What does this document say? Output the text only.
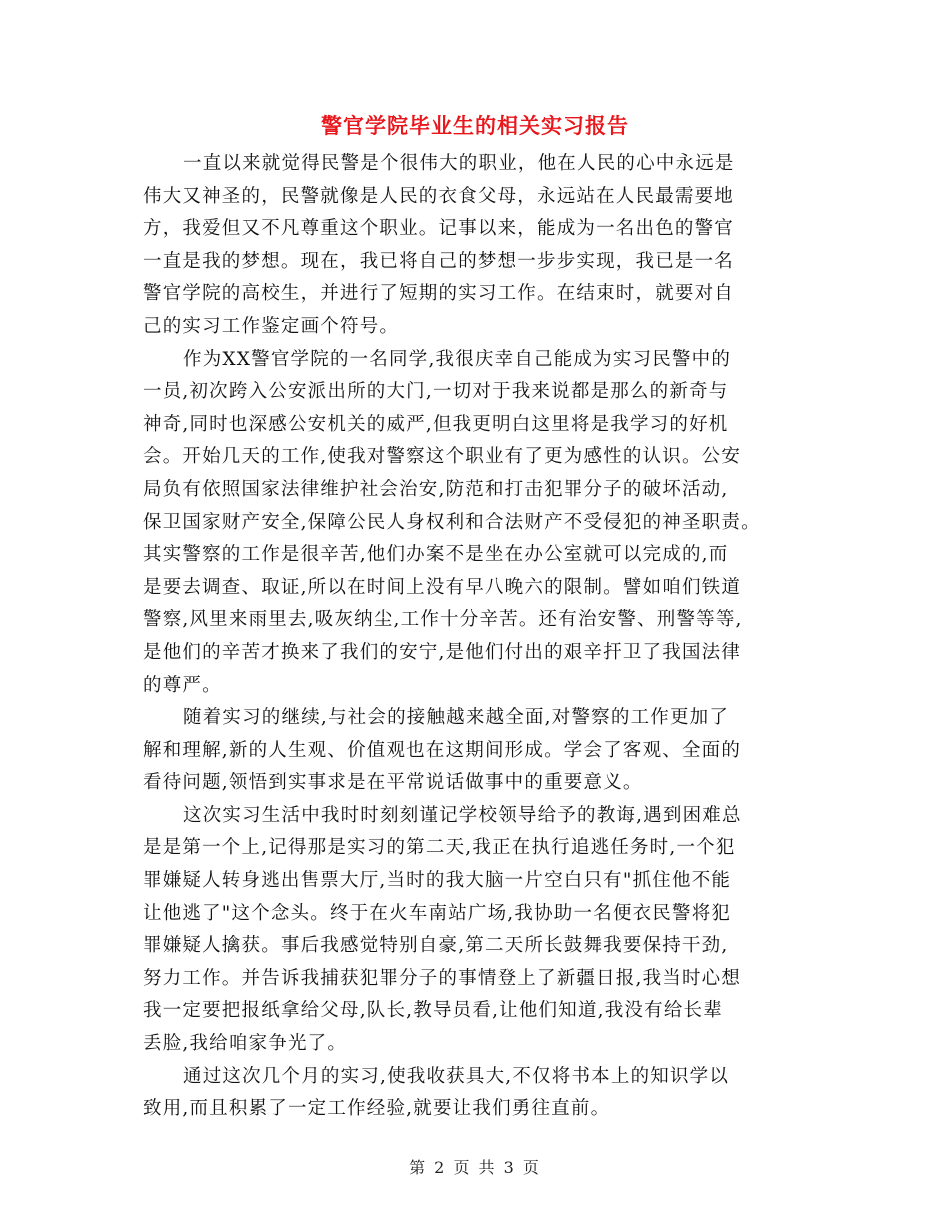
警官学院毕业生的相关实习报告
一直以来就觉得民警是个很伟大的职业，他在人民的心中永远是
伟大又神圣的，民警就像是人民的衣食父母，永远站在人民最需要地
方，我爱但又不凡尊重这个职业。记事以来，能成为一名出色的警官
一直是我的梦想。现在，我已将自己的梦想一步步实现，我已是一名
警官学院的高校生，并进行了短期的实习工作。在结束时，就要对自
己的实习工作鉴定画个符号。
作为XX警官学院的一名同学,我很庆幸自己能成为实习民警中的
一员,初次跨入公安派出所的大门,一切对于我来说都是那么的新奇与
神奇,同时也深感公安机关的威严,但我更明白这里将是我学习的好机
会。开始几天的工作,使我对警察这个职业有了更为感性的认识。公安
局负有依照国家法律维护社会治安,防范和打击犯罪分子的破坏活动,
保卫国家财产安全,保障公民人身权利和合法财产不受侵犯的神圣职责。
其实警察的工作是很辛苦,他们办案不是坐在办公室就可以完成的,而
是要去调查、取证,所以在时间上没有早八晚六的限制。譬如咱们铁道
警察,风里来雨里去,吸灰纳尘,工作十分辛苦。还有治安警、刑警等等,
是他们的辛苦才换来了我们的安宁,是他们付出的艰辛扞卫了我国法律
的尊严。
随着实习的继续,与社会的接触越来越全面,对警察的工作更加了
解和理解,新的人生观、价值观也在这期间形成。学会了客观、全面的
看待问题,领悟到实事求是在平常说话做事中的重要意义。
这次实习生活中我时时刻刻谨记学校领导给予的教诲,遇到困难总
是是第一个上,记得那是实习的第二天,我正在执行追逃任务时,一个犯
罪嫌疑人转身逃出售票大厅,当时的我大脑一片空白只有"抓住他不能
让他逃了"这个念头。终于在火车南站广场,我协助一名便衣民警将犯
罪嫌疑人擒获。事后我感觉特别自豪,第二天所长鼓舞我要保持干劲,
努力工作。并告诉我捕获犯罪分子的事情登上了新疆日报,我当时心想
我一定要把报纸拿给父母,队长,教导员看,让他们知道,我没有给长辈
丢脸,我给咱家争光了。
通过这次几个月的实习,使我收获具大,不仅将书本上的知识学以
致用,而且积累了一定工作经验,就要让我们勇往直前。
第 2 页 共 3 页
